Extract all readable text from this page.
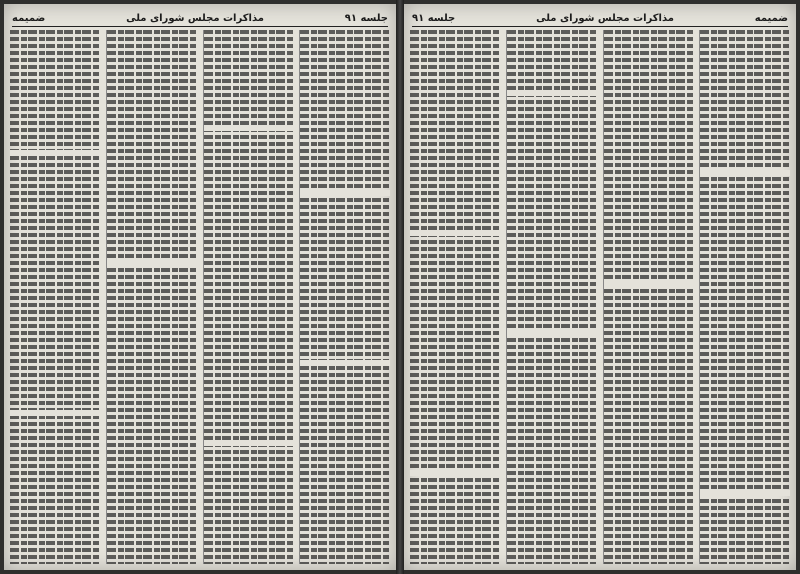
جلسه ۹۱
مذاکرات مجلس شورای ملی
ضمیمه	ضمیمه
مذاکرات مجلس شورای ملی
جلسه ۹۱
